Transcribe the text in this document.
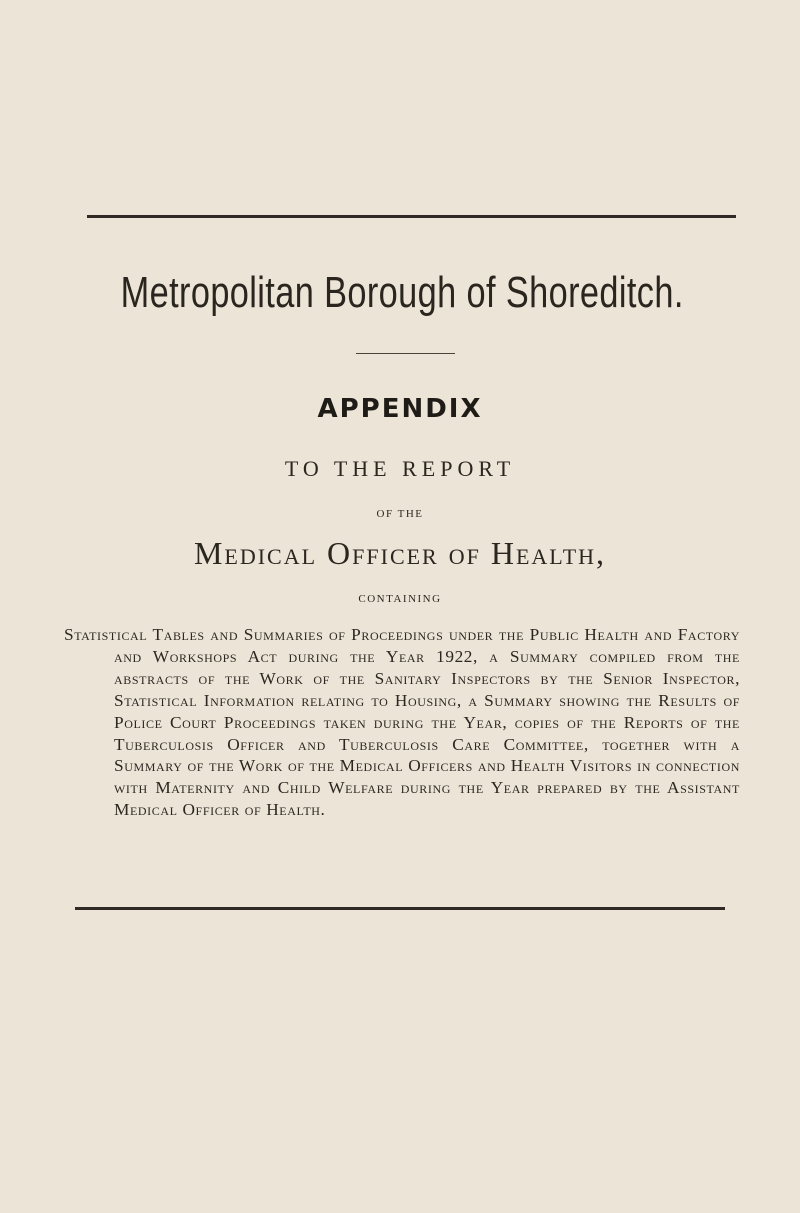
Metropolitan Borough of Shoreditch.
APPENDIX
TO THE REPORT
OF THE
Medical Officer of Health,
CONTAINING

Statistical Tables and Summaries of Proceedings under the Public Health and Factory and Workshops Act during the Year 1922, a Summary compiled from the abstracts of the Work of the Sanitary Inspectors by the Senior Inspector, Statistical Information relating to Housing, a Summary showing the Results of Police Court Proceedings taken during the Year, copies of the Reports of the Tuberculosis Officer and Tuberculosis Care Committee, together with a Summary of the Work of the Medical Officers and Health Visitors in connection with Maternity and Child Welfare during the Year prepared by the Assistant Medical Officer of Health.
